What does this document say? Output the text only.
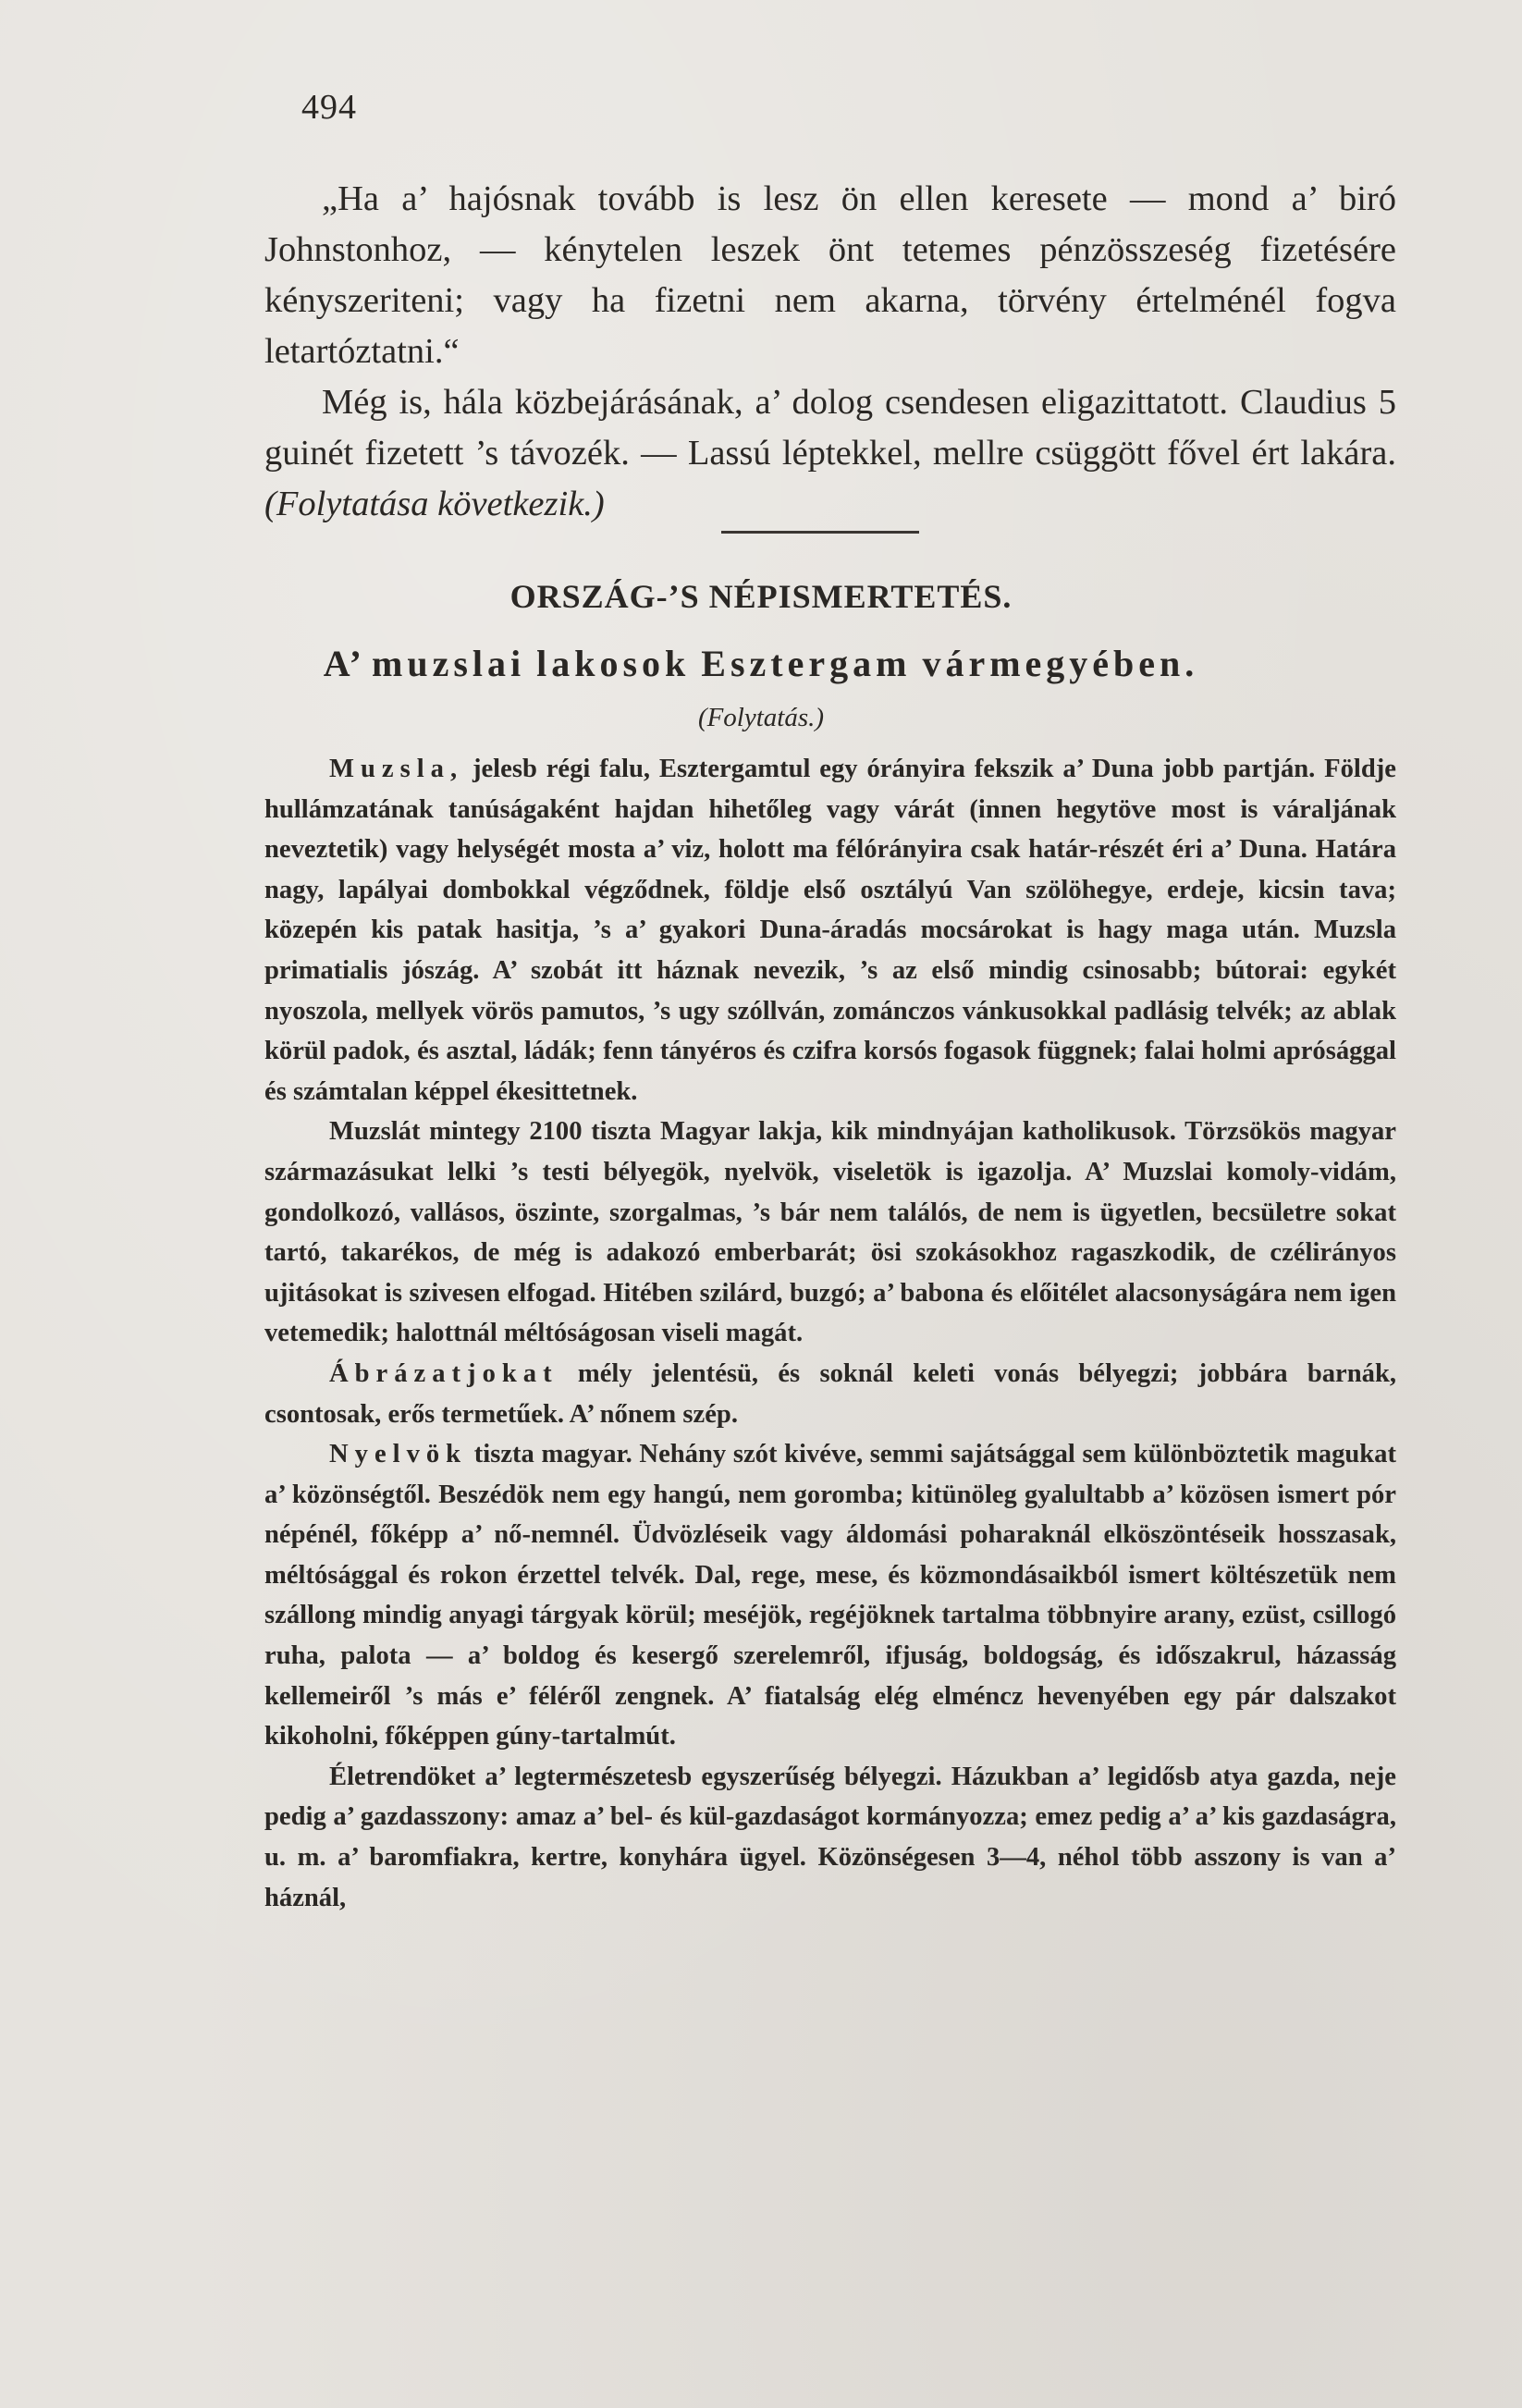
494

„Ha a’ hajósnak tovább is lesz ön ellen keresete — mond a’ biró Johnstonhoz, — kénytelen leszek önt tetemes pénzösszeség fizetésére kényszeriteni; vagy ha fizetni nem akarna, törvény értelménél fogva letartóztatni.“

Még is, hála közbejárásának, a’ dolog csendesen eligazittatott. Claudius 5 guinét fizetett ’s távozék. — Lassú léptekkel, mellre csüggött fővel ért lakára. (Folytatása következik.)

ORSZÁG-’S NÉPISMERTETÉS.
A’ muzslai lakosok Esztergam vármegyében.
(Folytatás.)

Muzsla, jelesb régi falu, Esztergamtul egy órányira fekszik a’ Duna jobb partján. Földje hullámzatának tanúságaként hajdan hihetőleg vagy várát (innen hegytöve most is váraljának neveztetik) vagy helységét mosta a’ viz, holott ma félórányira csak határ-részét éri a’ Duna. Határa nagy, lapályai dombokkal végződnek, földje első osztályú Van szölöhegye, erdeje, kicsin tava; közepén kis patak hasitja, ’s a’ gyakori Duna-áradás mocsárokat is hagy maga után. Muzsla primatialis jószág. A’ szobát itt háznak nevezik, ’s az első mindig csinosabb; bútorai: egykét nyoszola, mellyek vörös pamutos, ’s ugy szóllván, zománczos vánkusokkal padlásig telvék; az ablak körül padok, és asztal, ládák; fenn tányéros és czifra korsós fogasok függnek; falai holmi aprósággal és számtalan képpel ékesittetnek.

Muzslát mintegy 2100 tiszta Magyar lakja, kik mindnyájan katholikusok. Törzsökös magyar származásukat lelki ’s testi bélyegök, nyelvök, viseletök is igazolja. A’ Muzslai komoly-vidám, gondolkozó, vallásos, öszinte, szorgalmas, ’s bár nem találós, de nem is ügyetlen, becsületre sokat tartó, takarékos, de még is adakozó emberbarát; ösi szokásokhoz ragaszkodik, de czélirányos ujitásokat is szivesen elfogad. Hitében szilárd, buzgó; a’ babona és előitélet alacsonyságára nem igen vetemedik; halottnál méltóságosan viseli magát.

Ábrázatjokat mély jelentésü, és soknál keleti vonás bélyegzi; jobbára barnák, csontosak, erős termetűek. A’ nőnem szép.

Nyelvök tiszta magyar. Nehány szót kivéve, semmi sajátsággal sem különböztetik magukat a’ közönségtől. Beszédök nem egy hangú, nem goromba; kitünöleg gyalultabb a’ közösen ismert pór népénél, főképp a’ nő-nemnél. Üdvözléseik vagy áldomási poharaknál elköszöntéseik hosszasak, méltósággal és rokon érzettel telvék. Dal, rege, mese, és közmondásaikból ismert költészetük nem szállong mindig anyagi tárgyak körül; meséjök, regéjöknek tartalma többnyire arany, ezüst, csillogó ruha, palota — a’ boldog és kesergő szerelemről, ifjuság, boldogság, és időszakrul, házasság kellemeiről ’s más e’ féléről zengnek. A’ fiatalság elég elméncz hevenyében egy pár dalszakot kikoholni, főképpen gúny-tartalmút.

Életrendöket a’ legtermészetesb egyszerűség bélyegzi. Házukban a’ legidősb atya gazda, neje pedig a’ gazdasszony: amaz a’ bel- és kül-gazdaságot kormányozza; emez pedig a’ a’ kis gazdaságra, u. m. a’ baromfiakra, kertre, konyhára ügyel. Közönségesen 3—4, néhol több asszony is van a’ háznál,
